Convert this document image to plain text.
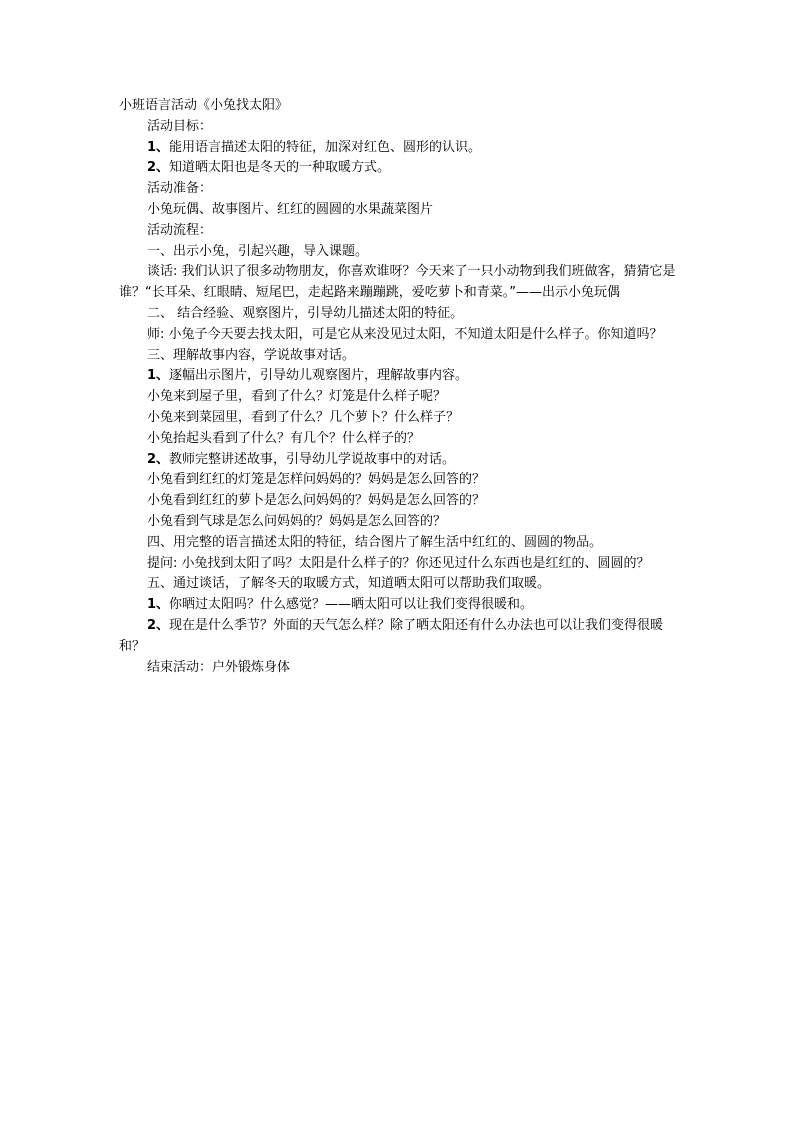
小班语言活动《小兔找太阳》

活动目标：

1、能用语言描述太阳的特征，加深对红色、圆形的认识。

2、知道晒太阳也是冬天的一种取暖方式。

活动准备：

小兔玩偶、故事图片、红红的圆圆的水果蔬菜图片

活动流程：

一、出示小兔，引起兴趣，导入课题。

谈话: 我们认识了很多动物朋友，你喜欢谁呀？今天来了一只小动物到我们班做客，猜猜它是谁？“长耳朵、红眼睛、短尾巴，走起路来蹦蹦跳，爱吃萝卜和青菜。”——出示小兔玩偶

二、 结合经验、观察图片，引导幼儿描述太阳的特征。

师: 小兔子今天要去找太阳，可是它从来没见过太阳，不知道太阳是什么样子。你知道吗？

三、理解故事内容，学说故事对话。

1、逐幅出示图片，引导幼儿观察图片，理解故事内容。

小兔来到屋子里，看到了什么？灯笼是什么样子呢？

小兔来到菜园里，看到了什么？几个萝卜？什么样子？

小兔抬起头看到了什么？有几个？什么样子的？

2、教师完整讲述故事，引导幼儿学说故事中的对话。

小兔看到红红的灯笼是怎样问妈妈的？妈妈是怎么回答的？

小兔看到红红的萝卜是怎么问妈妈的？妈妈是怎么回答的？

小兔看到气球是怎么问妈妈的？妈妈是怎么回答的？

四、用完整的语言描述太阳的特征，结合图片了解生活中红红的、圆圆的物品。

提问: 小兔找到太阳了吗？太阳是什么样子的？你还见过什么东西也是红红的、圆圆的？

五、通过谈话，了解冬天的取暖方式，知道晒太阳可以帮助我们取暖。

1、你晒过太阳吗？什么感觉？——晒太阳可以让我们变得很暖和。

2、现在是什么季节？外面的天气怎么样？除了晒太阳还有什么办法也可以让我们变得很暖和？

结束活动：户外锻炼身体
